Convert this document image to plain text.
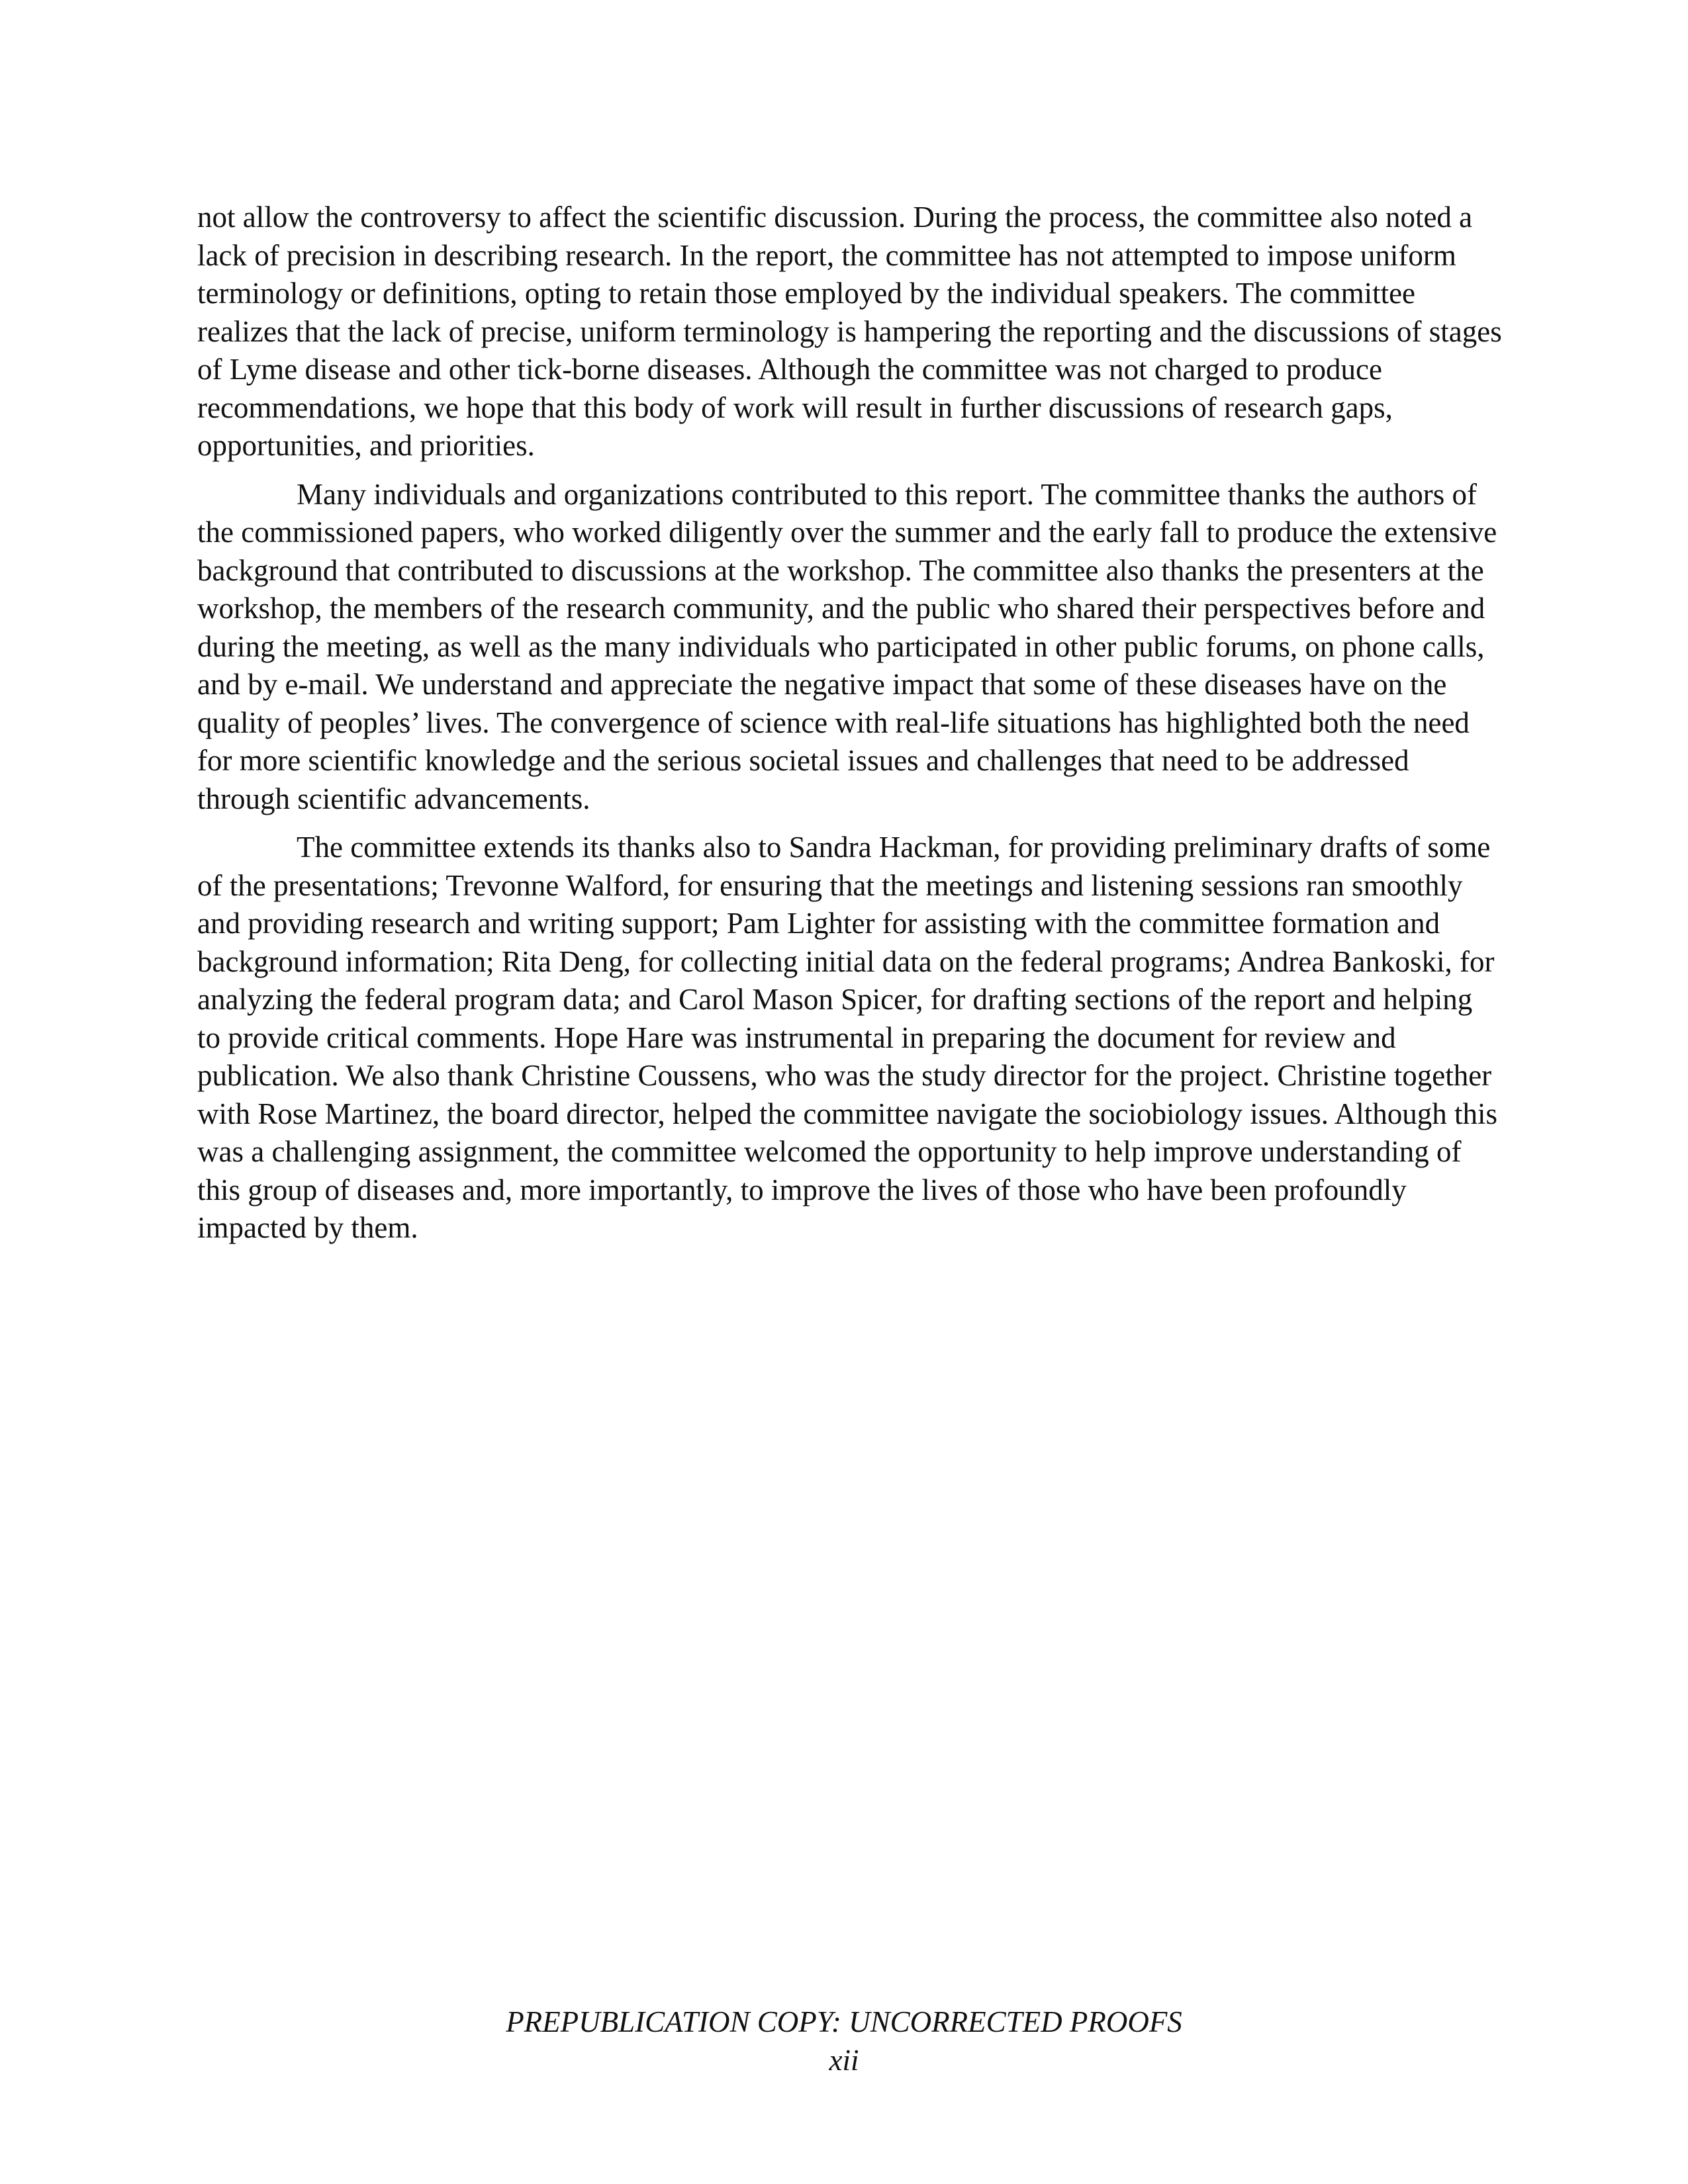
not allow the controversy to affect the scientific discussion. During the process, the committee also noted a lack of precision in describing research. In the report, the committee has not attempted to impose uniform terminology or definitions, opting to retain those employed by the individual speakers. The committee realizes that the lack of precise, uniform terminology is hampering the reporting and the discussions of stages of Lyme disease and other tick-borne diseases. Although the committee was not charged to produce recommendations, we hope that this body of work will result in further discussions of research gaps, opportunities, and priorities.

Many individuals and organizations contributed to this report. The committee thanks the authors of the commissioned papers, who worked diligently over the summer and the early fall to produce the extensive background that contributed to discussions at the workshop. The committee also thanks the presenters at the workshop, the members of the research community, and the public who shared their perspectives before and during the meeting, as well as the many individuals who participated in other public forums, on phone calls, and by e-mail. We understand and appreciate the negative impact that some of these diseases have on the quality of peoples’ lives. The convergence of science with real-life situations has highlighted both the need for more scientific knowledge and the serious societal issues and challenges that need to be addressed through scientific advancements.

The committee extends its thanks also to Sandra Hackman, for providing preliminary drafts of some of the presentations; Trevonne Walford, for ensuring that the meetings and listening sessions ran smoothly and providing research and writing support; Pam Lighter for assisting with the committee formation and background information; Rita Deng, for collecting initial data on the federal programs; Andrea Bankoski, for analyzing the federal program data; and Carol Mason Spicer, for drafting sections of the report and helping to provide critical comments. Hope Hare was instrumental in preparing the document for review and publication. We also thank Christine Coussens, who was the study director for the project. Christine together with Rose Martinez, the board director, helped the committee navigate the sociobiology issues. Although this was a challenging assignment, the committee welcomed the opportunity to help improve understanding of this group of diseases and, more importantly, to improve the lives of those who have been profoundly impacted by them.

PREPUBLICATION COPY: UNCORRECTED PROOFS
xii
